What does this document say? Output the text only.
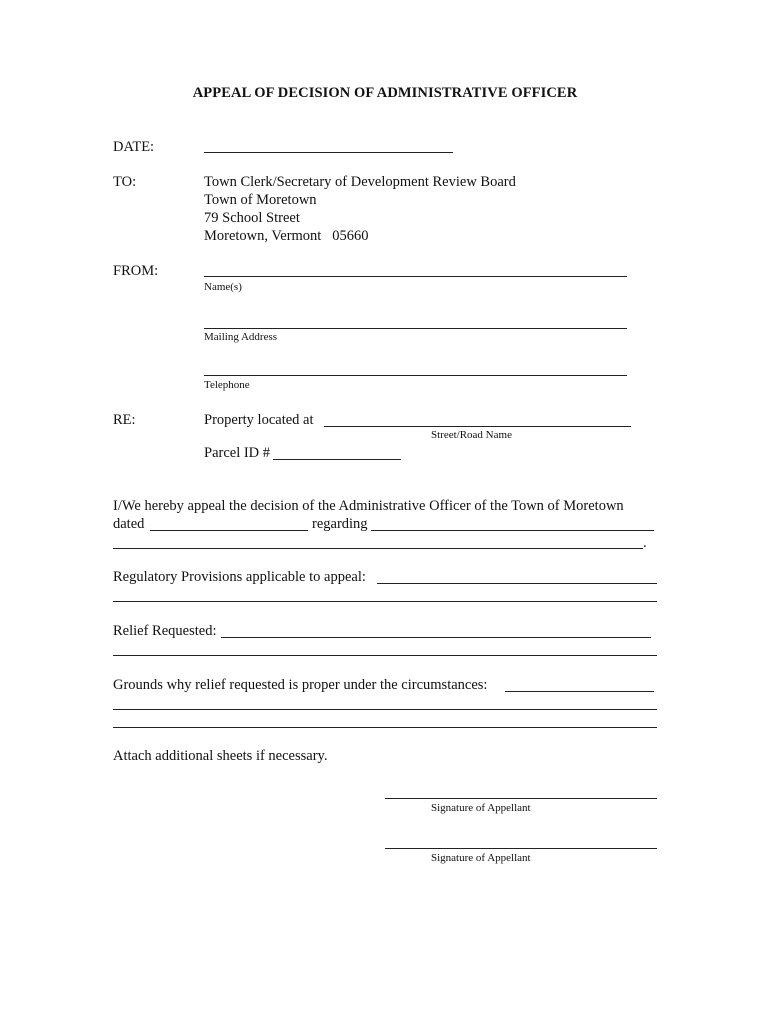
APPEAL OF DECISION OF ADMINISTRATIVE OFFICER
DATE:
TO:	Town Clerk/Secretary of Development Review Board
Town of Moretown
79 School Street
Moretown, Vermont   05660
FROM:
Name(s)
Mailing Address
Telephone
RE:	Property located at
Street/Road Name
Parcel ID #
I/We hereby appeal the decision of the Administrative Officer of the Town of Moretown
dated	regarding
.
Regulatory Provisions applicable to appeal:
Relief Requested:
Grounds why relief requested is proper under the circumstances:
Attach additional sheets if necessary.
Signature of Appellant
Signature of Appellant
